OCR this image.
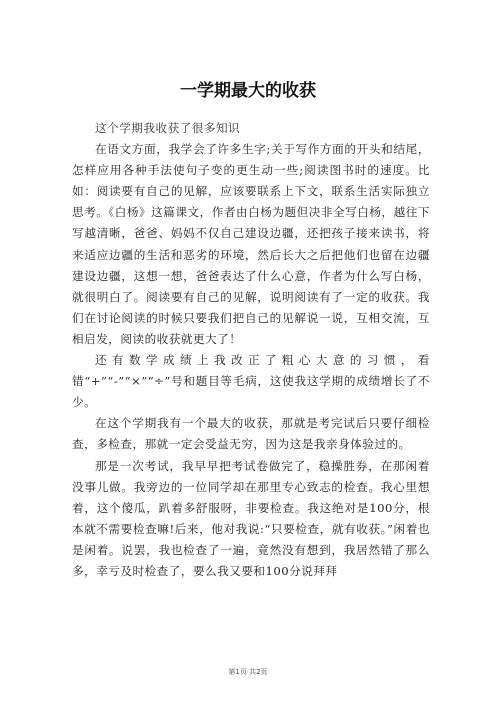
一学期最大的收获

这个学期我收获了很多知识

在语文方面，我学会了许多生字;关于写作方面的开头和结尾，怎样应用各种手法使句子变的更生动一些;阅读图书时的速度。比如：阅读要有自己的见解，应该要联系上下文，联系生活实际独立思考。《白杨》这篇课文，作者由白杨为题但决非全写白杨，越往下写越清晰，爸爸、妈妈不仅自己建设边疆，还把孩子接来读书，将来适应边疆的生活和恶劣的环境，然后长大之后把他们也留在边疆建设边疆，这想一想，爸爸表达了什么心意，作者为什么写白杨，就很明白了。阅读要有自己的见解，说明阅读有了一定的收获。我们在讨论阅读的时候只要我们把自己的见解说一说，互相交流，互相启发，阅读的收获就更大了！

还有数学成绩上我改正了粗心大意的习惯，看错“+”“-”“×”“÷”号和题目等毛病，这使我这学期的成绩增长了不少。

在这个学期我有一个最大的收获，那就是考完试后只要仔细检查，多检查，那就一定会受益无穷，因为这是我亲身体验过的。

那是一次考试，我早早把考试卷做完了，稳操胜券，在那闲着没事儿做。我旁边的一位同学却在那里专心致志的检查。我心里想着，这个傻瓜，趴着多舒服呀，非要检查。我这绝对是100分，根本就不需要检查嘛!后来，他对我说:“只要检查，就有收获。”闲着也是闲着。说罢，我也检查了一遍，竟然没有想到，我居然错了那么多，幸亏及时检查了，要么我又要和100分说拜拜

第1页 共2页
